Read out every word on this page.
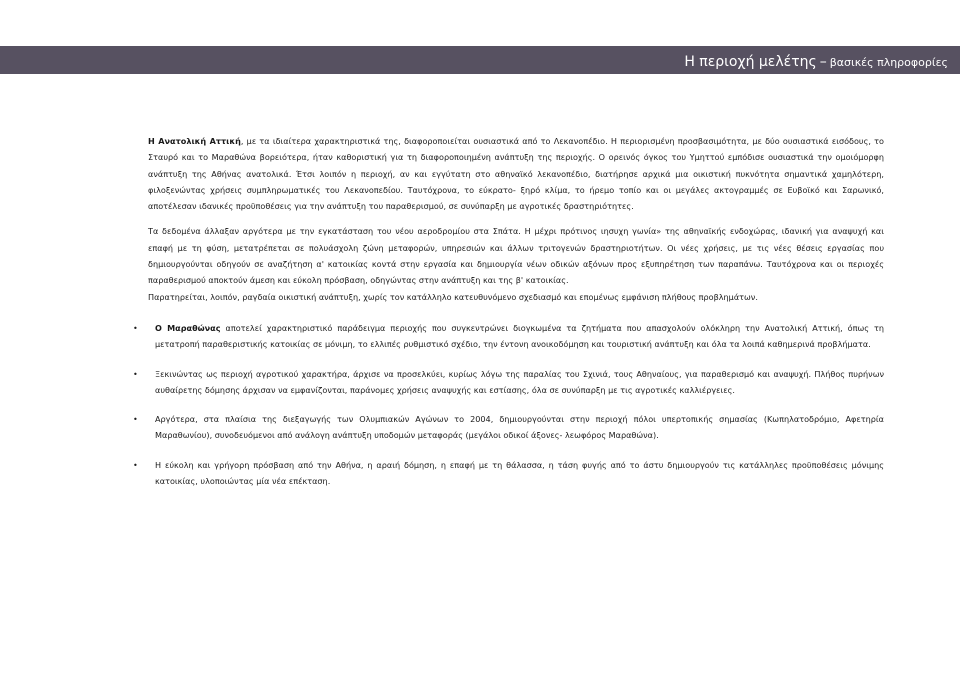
Η περιοχή μελέτης – βασικές πληροφορίες

Η Ανατολική Αττική, με τα ιδιαίτερα χαρακτηριστικά της, διαφοροποιείται ουσιαστικά από το Λεκανοπέδιο. Η περιορισμένη προσβασιμότητα, με δύο ουσιαστικά εισόδους, το Σταυρό και το Μαραθώνα βορειότερα, ήταν καθοριστική για τη διαφοροποιημένη ανάπτυξη της περιοχής. Ο ορεινός όγκος του Υμηττού εμπόδισε ουσιαστικά την ομοιόμορφη ανάπτυξη της Αθήνας ανατολικά. Έτσι λοιπόν η περιοχή, αν και εγγύτατη στο αθηναϊκό λεκανοπέδιο, διατήρησε αρχικά μια οικιστική πυκνότητα σημαντικά χαμηλότερη, φιλοξενώντας χρήσεις συμπληρωματικές του Λεκανοπεδίου. Ταυτόχρονα, το εύκρατο- ξηρό κλίμα, το ήρεμο τοπίο και οι μεγάλες ακτογραμμές σε Ευβοϊκό και Σαρωνικό, αποτέλεσαν ιδανικές προϋποθέσεις για την ανάπτυξη του παραθερισμού, σε συνύπαρξη με αγροτικές δραστηριότητες.

Τα δεδομένα άλλαξαν αργότερα με την εγκατάσταση του νέου αεροδρομίου στα Σπάτα. Η μέχρι πρότινος ιησυχη γωνία» της αθηναϊκής ενδοχώρας, ιδανική για αναψυχή και επαφή με τη φύση, μετατρέπεται σε πολυάσχολη ζώνη μεταφορών, υπηρεσιών και άλλων τριτογενών δραστηριοτήτων. Οι νέες χρήσεις, με τις νέες θέσεις εργασίας που δημιουργούνται οδηγούν σε αναζήτηση α' κατοικίας κοντά στην εργασία και δημιουργία νέων οδικών αξόνων προς εξυπηρέτηση των παραπάνω. Ταυτόχρονα και οι περιοχές παραθερισμού αποκτούν άμεση και εύκολη πρόσβαση, οδηγώντας στην ανάπτυξη και της β' κατοικίας.

Παρατηρείται, λοιπόν, ραγδαία οικιστική ανάπτυξη, χωρίς τον κατάλληλο κατευθυνόμενο σχεδιασμό και επομένως εμφάνιση πλήθους προβλημάτων.

• Ο Μαραθώνας αποτελεί χαρακτηριστικό παράδειγμα περιοχής που συγκεντρώνει διογκωμένα τα ζητήματα που απασχολούν ολόκληρη την Ανατολική Αττική, όπως τη μετατροπή παραθεριστικής κατοικίας σε μόνιμη, το ελλιπές ρυθμιστικό σχέδιο, την έντονη ανοικοδόμηση και τουριστική ανάπτυξη και όλα τα λοιπά καθημερινά προβλήματα.
• Ξεκινώντας ως περιοχή αγροτικού χαρακτήρα, άρχισε να προσελκύει, κυρίως λόγω της παραλίας του Σχινιά, τους Αθηναίους, για παραθερισμό και αναψυχή. Πλήθος πυρήνων αυθαίρετης δόμησης άρχισαν να εμφανίζονται, παράνομες χρήσεις αναψυχής και εστίασης, όλα σε συνύπαρξη με τις αγροτικές καλλιέργειες.
• Αργότερα, στα πλαίσια της διεξαγωγής των Ολυμπιακών Αγώνων το 2004, δημιουργούνται στην περιοχή πόλοι υπερτοπικής σημασίας (Κωπηλατοδρόμιο, Αφετηρία Μαραθωνίου), συνοδευόμενοι από ανάλογη ανάπτυξη υποδομών μεταφοράς (μεγάλοι οδικοί άξονες- λεωφόρος Μαραθώνα).
• Η εύκολη και γρήγορη πρόσβαση από την Αθήνα, η αραιή δόμηση, η επαφή με τη θάλασσα, η τάση φυγής από το άστυ δημιουργούν τις κατάλληλες προϋποθέσεις μόνιμης κατοικίας, υλοποιώντας μία νέα επέκταση.
